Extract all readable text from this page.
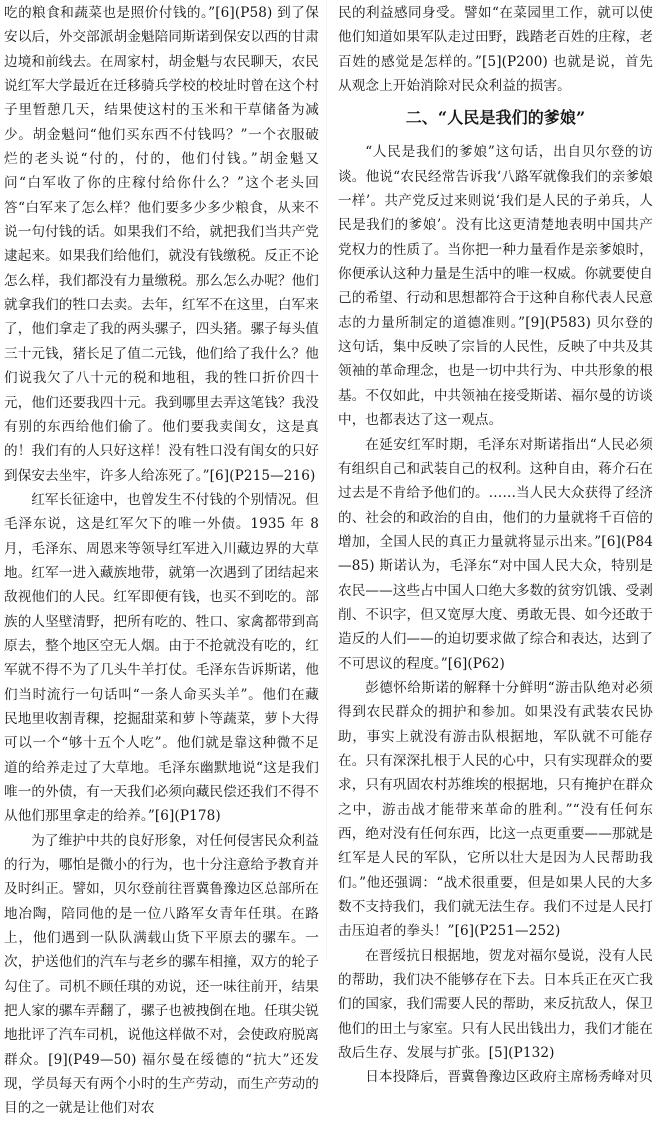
吃的粮食和蔬菜也是照价付钱的。”[6](P58) 到了保安以后，外交部派胡金魁陪同斯诺到保安以西的甘肃边境和前线去。在周家村，胡金魁与农民聊天，农民说红军大学最近在迁移骑兵学校的校址时曾在这个村子里暂憩几天，结果使这村的玉米和干草储备为减少。胡金魁问“他们买东西不付钱吗？”一个衣服破烂的老头说“付的，付的，他们付钱。”胡金魁又问“白军收了你的庄稼付给你什么？”这个老头回答“白军来了怎么样？他们要多少多少粮食，从来不说一句付钱的话。如果我们不给，就把我们当共产党逮起来。如果我们给他们，就没有钱缴税。反正不论怎么样，我们都没有力量缴税。那么怎么办呢？他们就拿我们的牲口去卖。去年，红军不在这里，白军来了，他们拿走了我的两头骡子，四头猪。骡子每头值三十元钱，猪长足了值二元钱，他们给了我什么？他们说我欠了八十元的税和地租，我的牲口折价四十元，他们还要我四十元。我到哪里去弄这笔钱？我没有别的东西给他们偷了。他们要我卖闺女，这是真的！我们有的人只好这样！没有牲口没有闺女的只好到保安去坐牢，许多人给冻死了。”[6](P215—216)

红军长征途中，也曾发生不付钱的个别情况。但毛泽东说，这是红军欠下的唯一外债。1935 年 8 月，毛泽东、周恩来等领导红军进入川藏边界的大草地。红军一进入藏族地带，就第一次遇到了团结起来敌视他们的人民。红军即便有钱，也买不到吃的。部族的人坚壁清野，把所有吃的、牲口、家禽都带到高原去，整个地区空无人烟。由于不抢就没有吃的，红军就不得不为了几头牛羊打仗。毛泽东告诉斯诺，他们当时流行一句话叫“一条人命买头羊”。他们在藏民地里收割青稞，挖掘甜菜和萝卜等蔬菜，萝卜大得可以一个“够十五个人吃”。他们就是靠这种微不足道的给养走过了大草地。毛泽东幽默地说“这是我们唯一的外债，有一天我们必须向藏民偿还我们不得不从他们那里拿走的给养。”[6](P178)

为了维护中共的良好形象，对任何侵害民众利益的行为，哪怕是微小的行为，也十分注意给予教育并及时纠正。譬如，贝尔登前往晋冀鲁豫边区总部所在地冶陶，陪同他的是一位八路军女青年任琪。在路上，他们遇到一队队满载山货下平原去的骡车。一次，护送他们的汽车与老乡的骡车相撞，双方的轮子勾住了。司机不顾任琪的劝说，还一味往前开，结果把人家的骡车弄翻了，骡子也被拽倒在地。任琪尖锐地批评了汽车司机，说他这样做不对，会使政府脱离群众。[9](P49—50) 福尔曼在绥德的“抗大”还发现，学员每天有两个小时的生产劳动，而生产劳动的目的之一就是让他们对农

民的利益感同身受。譬如“在菜园里工作，就可以使他们知道如果军队走过田野，践踏老百姓的庄稼，老百姓的感觉是怎样的。”[5](P200) 也就是说，首先从观念上开始消除对民众利益的损害。

二、“人民是我们的爹娘”

“人民是我们的爹娘”这句话，出自贝尔登的访谈。他说“农民经常告诉我‘八路军就像我们的亲爹娘一样’。共产党反过来则说‘我们是人民的子弟兵，人民是我们的爹娘’。没有比这更清楚地表明中国共产党权力的性质了。当你把一种力量看作是亲爹娘时，你便承认这种力量是生活中的唯一权威。你就要使自己的希望、行动和思想都符合于这种自称代表人民意志的力量所制定的道德准则。”[9](P583) 贝尔登的这句话，集中反映了宗旨的人民性，反映了中共及其领袖的革命理念，也是一切中共行为、中共形象的根基。不仅如此，中共领袖在接受斯诺、福尔曼的访谈中，也都表达了这一观点。

在延安红军时期，毛泽东对斯诺指出“人民必须有组织自己和武装自己的权利。这种自由，蒋介石在过去是不肯给予他们的。……当人民大众获得了经济的、社会的和政治的自由，他们的力量就将千百倍的增加，全国人民的真正力量就将显示出来。”[6](P84—85) 斯诺认为，毛泽东“对中国人民大众，特别是农民——这些占中国人口绝大多数的贫穷饥饿、受剥削、不识字，但又宽厚大度、勇敢无畏、如今还敢于造反的人们——的迫切要求做了综合和表达，达到了不可思议的程度。”[6](P62)

彭德怀给斯诺的解释十分鲜明“游击队绝对必须得到农民群众的拥护和参加。如果没有武装农民协助，事实上就没有游击队根据地，军队就不可能存在。只有深深扎根于人民的心中，只有实现群众的要求，只有巩固农村苏维埃的根据地，只有掩护在群众之中，游击战才能带来革命的胜利。”“没有任何东西，绝对没有任何东西，比这一点更重要——那就是红军是人民的军队，它所以壮大是因为人民帮助我们。”他还强调：“战术很重要，但是如果人民的大多数不支持我们，我们就无法生存。我们不过是人民打击压迫者的拳头！”[6](P251—252)

在晋绥抗日根据地，贺龙对福尔曼说，没有人民的帮助，我们决不能够存在下去。日本兵正在灭亡我们的国家，我们需要人民的帮助，来反抗敌人，保卫他们的田土与家室。只有人民出钱出力，我们才能在敌后生存、发展与扩张。[5](P132)

日本投降后，晋冀鲁豫边区政府主席杨秀峰对贝
